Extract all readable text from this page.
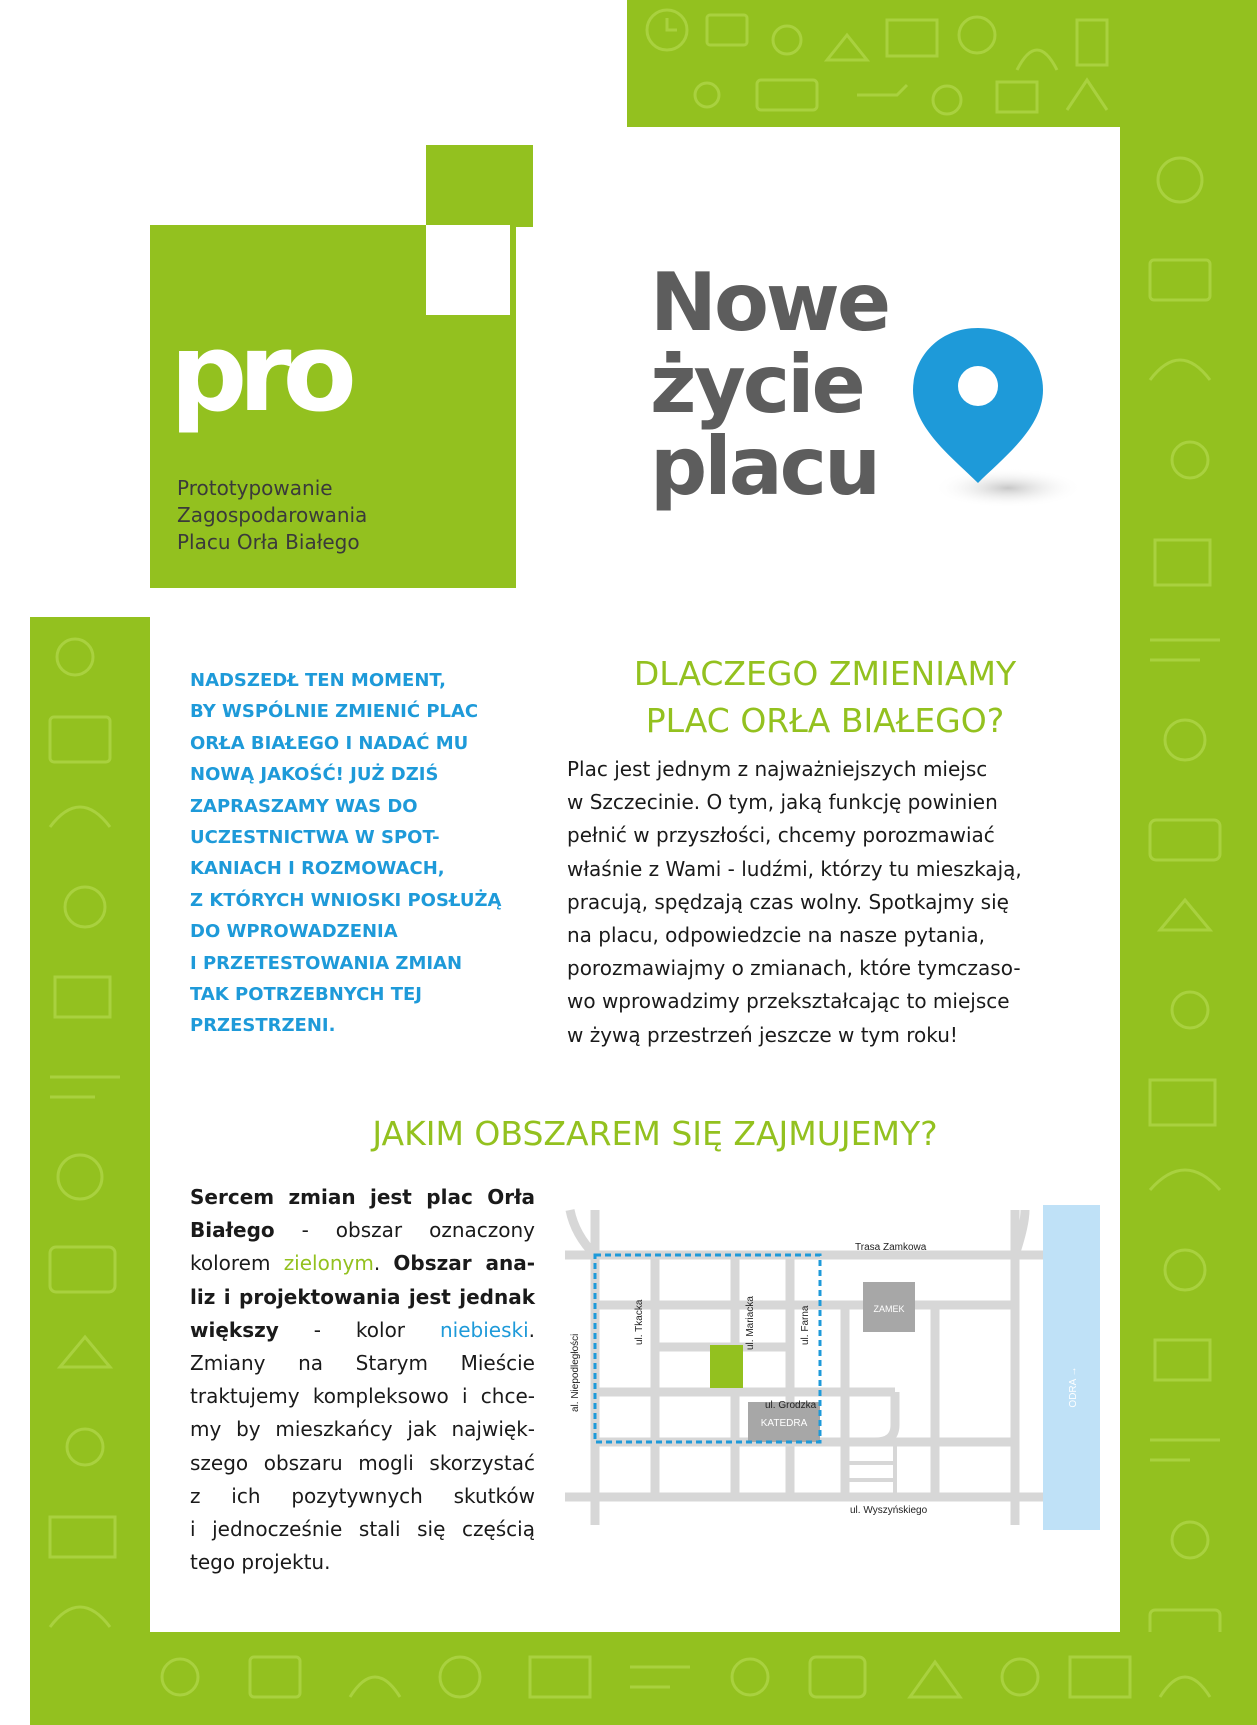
pro
Prototypowanie
Zagospodarowania
Placu Orła Białego
Nowe
życie
placu
NADSZEDŁ TEN MOMENT,
BY WSPÓLNIE ZMIENIĆ PLAC
ORŁA BIAŁEGO I NADAĆ MU
NOWĄ JAKOŚĆ! JUŻ DZIŚ
ZAPRASZAMY WAS DO
UCZESTNICTWA W SPOT-
KANIACH I ROZMOWACH,
Z KTÓRYCH WNIOSKI POSŁUŻĄ
DO WPROWADZENIA
I PRZETESTOWANIA ZMIAN
TAK POTRZEBNYCH TEJ
PRZESTRZENI.
DLACZEGO ZMIENIAMY
PLAC ORŁA BIAŁEGO?
Plac jest jednym z najważniejszych miejsc
w Szczecinie. O tym, jaką funkcję powinien
pełnić w przyszłości, chcemy porozmawiać
właśnie z Wami - ludźmi, którzy tu mieszkają,
pracują, spędzają czas wolny. Spotkajmy się
na placu, odpowiedzcie na nasze pytania,
porozmawiajmy o zmianach, które tymczaso-
wo wprowadzimy przekształcając to miejsce
w żywą przestrzeń jeszcze w tym roku!
JAKIM OBSZAREM SIĘ ZAJMUJEMY?
Sercem zmian jest plac Orła
Białego - obszar oznaczony
kolorem zielonym. Obszar ana-
liz i projektowania jest jednak
większy - kolor niebieski.
Zmiany na Starym Mieście
traktujemy kompleksowo i chce-
my by mieszkańcy jak najwięk-
szego obszaru mogli skorzystać
z ich pozytywnych skutków
i jednocześnie stali się częścią
tego projektu.
ODRA →
ZAMEK
KATEDRA
Trasa Zamkowa
ul. Wyszyńskiego
ul. Grodzka
ul. Tkacka	ul. Mariacka	ul. Farna
al. Niepodległości
